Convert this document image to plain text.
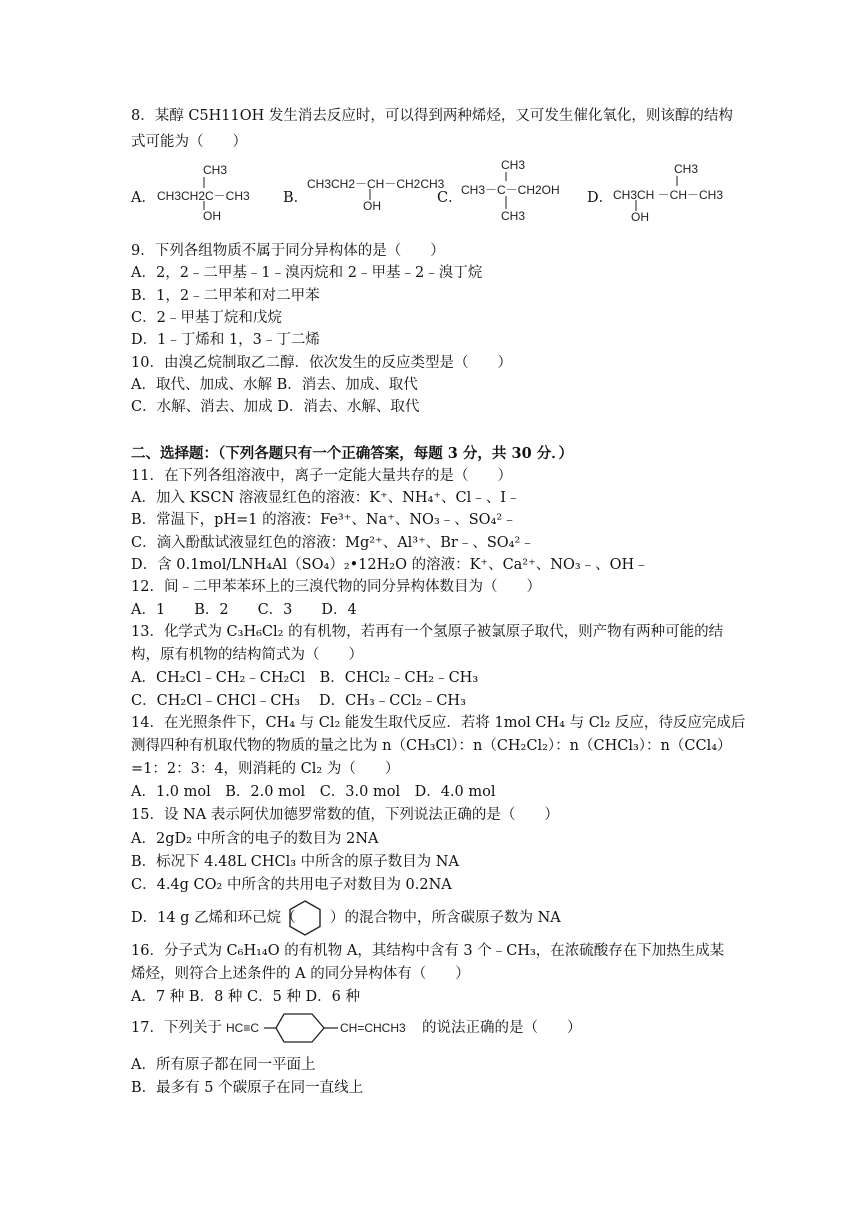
8．某醇 C5H11OH 发生消去反应时，可以得到两种烯烃，又可发生催化氧化，则该醇的结构
式可能为（　　）
A．
CH3
CH3CH2C－CH3
OH
B．
CH3CH2－CH－CH2CH3
OH	C．
CH3
CH3－C－CH2OH
CH3
D．
CH3
CH3CH －CH－CH3
OH
9．下列各组物质不属于同分异构体的是（　　）
A．2，2﹣二甲基﹣1﹣溴丙烷和 2﹣甲基﹣2﹣溴丁烷
B．1，2﹣二甲苯和对二甲苯
C．2﹣甲基丁烷和戊烷
D．1﹣丁烯和 1，3﹣丁二烯
10．由溴乙烷制取乙二醇．依次发生的反应类型是（　　）
A．取代、加成、水解 B．消去、加成、取代
C．水解、消去、加成 D．消去、水解、取代
二、选择题：（下列各题只有一个正确答案，每题 3 分，共 30 分．）
11．在下列各组溶液中，离子一定能大量共存的是（　　）
A．加入 KSCN 溶液显红色的溶液：K⁺、NH₄⁺、Cl﹣、I﹣
B．常温下，pH=1 的溶液：Fe³⁺、Na⁺、NO₃﹣、SO₄²﹣
C．滴入酚酞试液显红色的溶液：Mg²⁺、Al³⁺、Br﹣、SO₄²﹣
D．含 0.1mol/LNH₄Al（SO₄）₂•12H₂O 的溶液：K⁺、Ca²⁺、NO₃﹣、OH﹣
12．间﹣二甲苯苯环上的三溴代物的同分异构体数目为（　　）
A．1　　B．2　　C．3　　D．4
13．化学式为 C₃H₆Cl₂ 的有机物，若再有一个氢原子被氯原子取代，则产物有两种可能的结
构，原有机物的结构简式为（　　）
A．CH₂Cl﹣CH₂﹣CH₂Cl　B．CHCl₂﹣CH₂﹣CH₃
C．CH₂Cl﹣CHCl﹣CH₃　 D．CH₃﹣CCl₂﹣CH₃
14．在光照条件下，CH₄ 与 Cl₂ 能发生取代反应．若将 1mol CH₄ 与 Cl₂ 反应，待反应完成后
测得四种有机取代物的物质的量之比为 n（CH₃Cl）：n（CH₂Cl₂）：n（CHCl₃）：n（CCl₄）
=1：2：3：4，则消耗的 Cl₂ 为（　　）
A．1.0 mol　B．2.0 mol　C．3.0 mol　D．4.0 mol
15．设 NA 表示阿伏加德罗常数的值，下列说法正确的是（　　）
A．2gD₂ 中所含的电子的数目为 2NA
B．标况下 4.48L CHCl₃ 中所含的原子数目为 NA
C．4.4g CO₂ 中所含的共用电子对数目为 0.2NA
D．14 g 乙烯和环己烷（ ）的混合物中，所含碳原子数为 NA
16．分子式为 C₆H₁₄O 的有机物 A，其结构中含有 3 个﹣CH₃，在浓硫酸存在下加热生成某
烯烃，则符合上述条件的 A 的同分异构体有（　　）
A．7 种 B．8 种 C．5 种 D．6 种
17．下列关于 HC≡C	CH=CHCH3 的说法正确的是（　　）
A．所有原子都在同一平面上
B．最多有 5 个碳原子在同一直线上
